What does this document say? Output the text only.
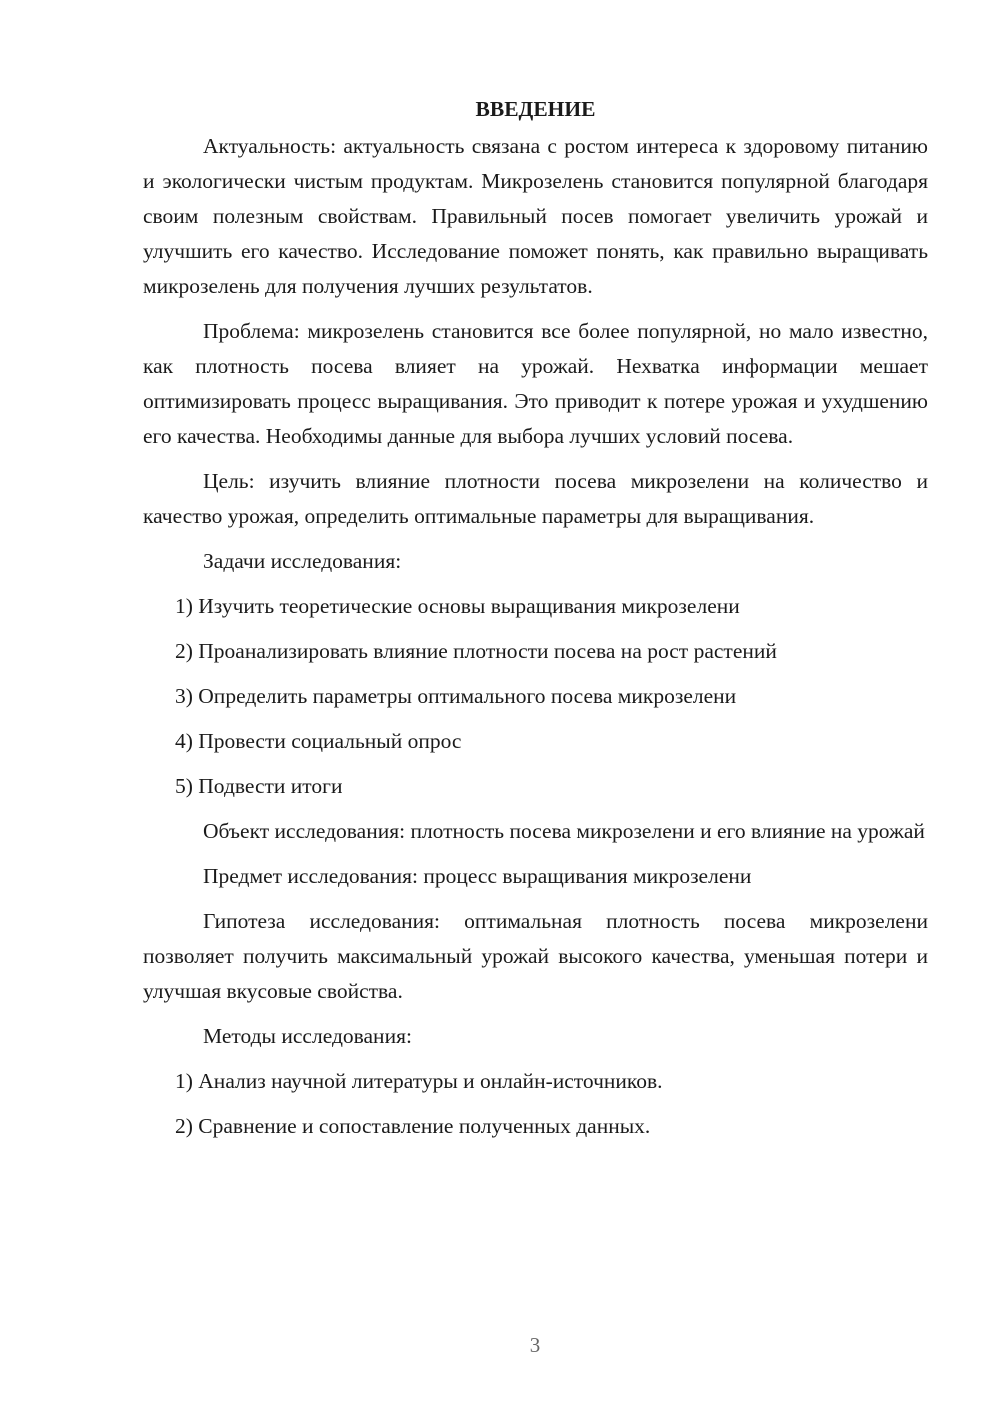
ВВЕДЕНИЕ

Актуальность: актуальность связана с ростом интереса к здоровому питанию и экологически чистым продуктам. Микрозелень становится популярной благодаря своим полезным свойствам. Правильный посев помогает увеличить урожай и улучшить его качество. Исследование поможет понять, как правильно выращивать микрозелень для получения лучших результатов.

Проблема: микрозелень становится все более популярной, но мало известно, как плотность посева влияет на урожай. Нехватка информации мешает оптимизировать процесс выращивания. Это приводит к потере урожая и ухудшению его качества. Необходимы данные для выбора лучших условий посева.

Цель: изучить влияние плотности посева микрозелени на количество и качество урожая, определить оптимальные параметры для выращивания.

Задачи исследования:

1) Изучить теоретические основы выращивания микрозелени

2) Проанализировать влияние плотности посева на рост растений

3) Определить параметры оптимального посева микрозелени

4) Провести социальный опрос

5) Подвести итоги

Объект исследования: плотность посева микрозелени и его влияние на урожай

Предмет исследования: процесс выращивания микрозелени

Гипотеза исследования: оптимальная плотность посева микрозелени позволяет получить максимальный урожай высокого качества, уменьшая потери и улучшая вкусовые свойства.

Методы исследования:

1) Анализ научной литературы и онлайн-источников.

2) Сравнение и сопоставление полученных данных.

3
